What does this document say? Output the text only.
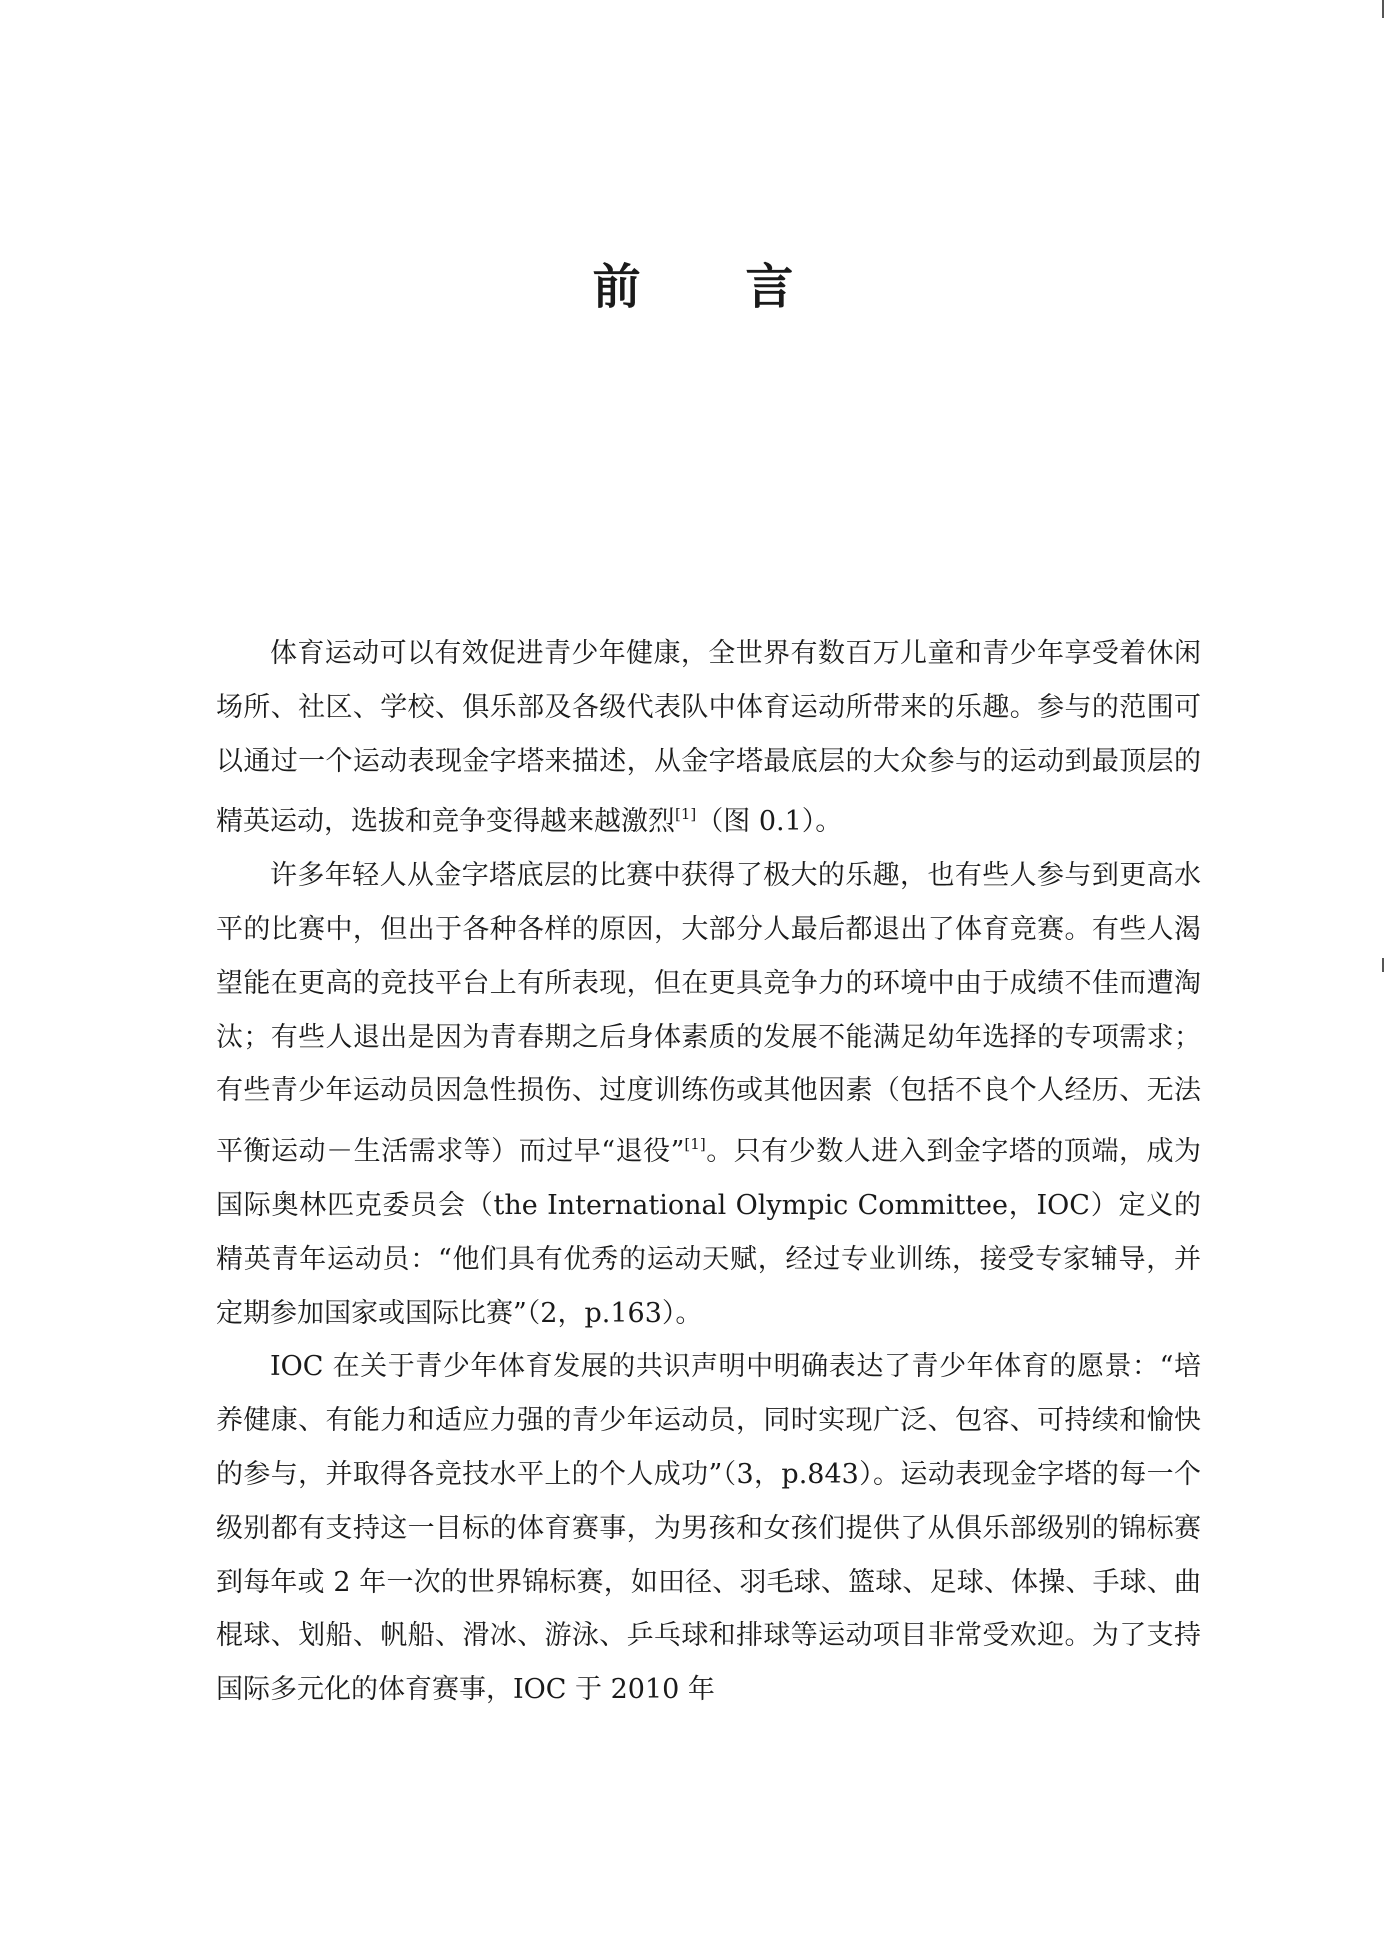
前 言

体育运动可以有效促进青少年健康，全世界有数百万儿童和青少年享受着休闲场所、社区、学校、俱乐部及各级代表队中体育运动所带来的乐趣。参与的范围可以通过一个运动表现金字塔来描述，从金字塔最底层的大众参与的运动到最顶层的精英运动，选拔和竞争变得越来越激烈[1]（图 0.1）。

许多年轻人从金字塔底层的比赛中获得了极大的乐趣，也有些人参与到更高水平的比赛中，但出于各种各样的原因，大部分人最后都退出了体育竞赛。有些人渴望能在更高的竞技平台上有所表现，但在更具竞争力的环境中由于成绩不佳而遭淘汰；有些人退出是因为青春期之后身体素质的发展不能满足幼年选择的专项需求；有些青少年运动员因急性损伤、过度训练伤或其他因素（包括不良个人经历、无法平衡运动－生活需求等）而过早“退役”[1]。只有少数人进入到金字塔的顶端，成为国际奥林匹克委员会（the International Olympic Committee，IOC）定义的精英青年运动员：“他们具有优秀的运动天赋，经过专业训练，接受专家辅导，并定期参加国家或国际比赛”（2，p.163）。

IOC 在关于青少年体育发展的共识声明中明确表达了青少年体育的愿景：“培养健康、有能力和适应力强的青少年运动员，同时实现广泛、包容、可持续和愉快的参与，并取得各竞技水平上的个人成功”（3，p.843）。运动表现金字塔的每一个级别都有支持这一目标的体育赛事，为男孩和女孩们提供了从俱乐部级别的锦标赛到每年或 2 年一次的世界锦标赛，如田径、羽毛球、篮球、足球、体操、手球、曲棍球、划船、帆船、滑冰、游泳、乒乓球和排球等运动项目非常受欢迎。为了支持国际多元化的体育赛事，IOC 于 2010 年
